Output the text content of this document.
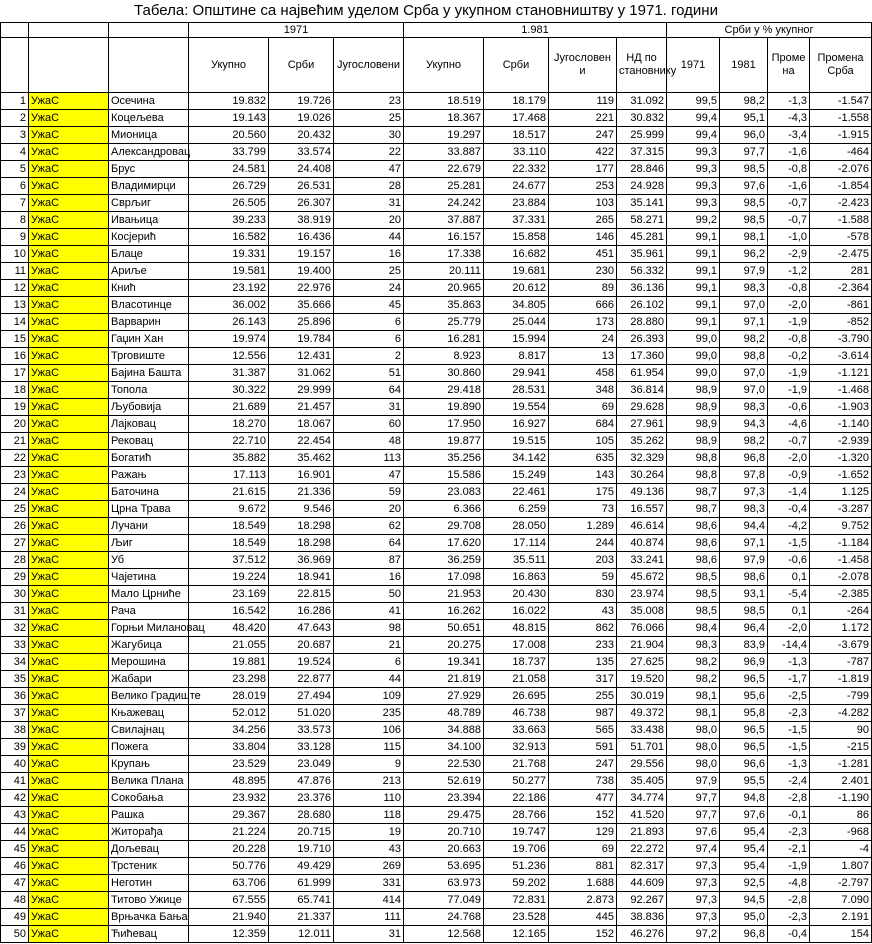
Табела: Општине са највећим уделом Срба у укупном становништву у 1971. години
			1971			1.981				Срби у % укупног			
			Укупно	Срби	Југословени	Укупно	Срби	Југословени	НД по становнику	1971	1981	Промена	Промена Срба
1	УжаС	Осечина	19.832	19.726	23	18.519	18.179	119	31.092	99,5	98,2	-1,3	-1.547
2	УжаС	Коцељева	19.143	19.026	25	18.367	17.468	221	30.832	99,4	95,1	-4,3	-1.558
3	УжаС	Мионица	20.560	20.432	30	19.297	18.517	247	25.999	99,4	96,0	-3,4	-1.915
4	УжаС	Александровац	33.799	33.574	22	33.887	33.110	422	37.315	99,3	97,7	-1,6	-464
5	УжаС	Брус	24.581	24.408	47	22.679	22.332	177	28.846	99,3	98,5	-0,8	-2.076
6	УжаС	Владимирци	26.729	26.531	28	25.281	24.677	253	24.928	99,3	97,6	-1,6	-1.854
7	УжаС	Сврљиг	26.505	26.307	31	24.242	23.884	103	35.141	99,3	98,5	-0,7	-2.423
8	УжаС	Ивањица	39.233	38.919	20	37.887	37.331	265	58.271	99,2	98,5	-0,7	-1.588
9	УжаС	Косјерић	16.582	16.436	44	16.157	15.858	146	45.281	99,1	98,1	-1,0	-578
10	УжаС	Блаце	19.331	19.157	16	17.338	16.682	451	35.961	99,1	96,2	-2,9	-2.475
11	УжаС	Ариље	19.581	19.400	25	20.111	19.681	230	56.332	99,1	97,9	-1,2	281
12	УжаС	Кнић	23.192	22.976	24	20.965	20.612	89	36.136	99,1	98,3	-0,8	-2.364
13	УжаС	Власотинце	36.002	35.666	45	35.863	34.805	666	26.102	99,1	97,0	-2,0	-861
14	УжаС	Варварин	26.143	25.896	6	25.779	25.044	173	28.880	99,1	97,1	-1,9	-852
15	УжаС	Гаџин Хан	19.974	19.784	6	16.281	15.994	24	26.393	99,0	98,2	-0,8	-3.790
16	УжаС	Трговиште	12.556	12.431	2	8.923	8.817	13	17.360	99,0	98,8	-0,2	-3.614
17	УжаС	Бајина Башта	31.387	31.062	51	30.860	29.941	458	61.954	99,0	97,0	-1,9	-1.121
18	УжаС	Топола	30.322	29.999	64	29.418	28.531	348	36.814	98,9	97,0	-1,9	-1.468
19	УжаС	Љубовија	21.689	21.457	31	19.890	19.554	69	29.628	98,9	98,3	-0,6	-1.903
20	УжаС	Лајковац	18.270	18.067	60	17.950	16.927	684	27.961	98,9	94,3	-4,6	-1.140
21	УжаС	Рековац	22.710	22.454	48	19.877	19.515	105	35.262	98,9	98,2	-0,7	-2.939
22	УжаС	Богатић	35.882	35.462	113	35.256	34.142	635	32.329	98,8	96,8	-2,0	-1.320
23	УжаС	Ражањ	17.113	16.901	47	15.586	15.249	143	30.264	98,8	97,8	-0,9	-1.652
24	УжаС	Баточина	21.615	21.336	59	23.083	22.461	175	49.136	98,7	97,3	-1,4	1.125
25	УжаС	Црна Трава	9.672	9.546	20	6.366	6.259	73	16.557	98,7	98,3	-0,4	-3.287
26	УжаС	Лучани	18.549	18.298	62	29.708	28.050	1.289	46.614	98,6	94,4	-4,2	9.752
27	УжаС	Љиг	18.549	18.298	64	17.620	17.114	244	40.874	98,6	97,1	-1,5	-1.184
28	УжаС	Уб	37.512	36.969	87	36.259	35.511	203	33.241	98,6	97,9	-0,6	-1.458
29	УжаС	Чајетина	19.224	18.941	16	17.098	16.863	59	45.672	98,5	98,6	0,1	-2.078
30	УжаС	Мало Црниће	23.169	22.815	50	21.953	20.430	830	23.974	98,5	93,1	-5,4	-2.385
31	УжаС	Рача	16.542	16.286	41	16.262	16.022	43	35.008	98,5	98,5	0,1	-264
32	УжаС	Горњи Милановац	48.420	47.643	98	50.651	48.815	862	76.066	98,4	96,4	-2,0	1.172
33	УжаС	Жагубица	21.055	20.687	21	20.275	17.008	233	21.904	98,3	83,9	-14,4	-3.679
34	УжаС	Мерошина	19.881	19.524	6	19.341	18.737	135	27.625	98,2	96,9	-1,3	-787
35	УжаС	Жабари	23.298	22.877	44	21.819	21.058	317	19.520	98,2	96,5	-1,7	-1.819
36	УжаС	Велико Градиште	28.019	27.494	109	27.929	26.695	255	30.019	98,1	95,6	-2,5	-799
37	УжаС	Књажевац	52.012	51.020	235	48.789	46.738	987	49.372	98,1	95,8	-2,3	-4.282
38	УжаС	Свилајнац	34.256	33.573	106	34.888	33.663	565	33.438	98,0	96,5	-1,5	90
39	УжаС	Пожега	33.804	33.128	115	34.100	32.913	591	51.701	98,0	96,5	-1,5	-215
40	УжаС	Крупањ	23.529	23.049	9	22.530	21.768	247	29.556	98,0	96,6	-1,3	-1.281
41	УжаС	Велика Плана	48.895	47.876	213	52.619	50.277	738	35.405	97,9	95,5	-2,4	2.401
42	УжаС	Сокобања	23.932	23.376	110	23.394	22.186	477	34.774	97,7	94,8	-2,8	-1.190
43	УжаС	Рашка	29.367	28.680	118	29.475	28.766	152	41.520	97,7	97,6	-0,1	86
44	УжаС	Житорађа	21.224	20.715	19	20.710	19.747	129	21.893	97,6	95,4	-2,3	-968
45	УжаС	Дољевац	20.228	19.710	43	20.663	19.706	69	22.272	97,4	95,4	-2,1	-4
46	УжаС	Трстеник	50.776	49.429	269	53.695	51.236	881	82.317	97,3	95,4	-1,9	1.807
47	УжаС	Неготин	63.706	61.999	331	63.973	59.202	1.688	44.609	97,3	92,5	-4,8	-2.797
48	УжаС	Титово Ужице	67.555	65.741	414	77.049	72.831	2.873	92.267	97,3	94,5	-2,8	7.090
49	УжаС	Врњачка Бања	21.940	21.337	111	24.768	23.528	445	38.836	97,3	95,0	-2,3	2.191
50	УжаС	Ћићевац	12.359	12.011	31	12.568	12.165	152	46.276	97,2	96,8	-0,4	154
